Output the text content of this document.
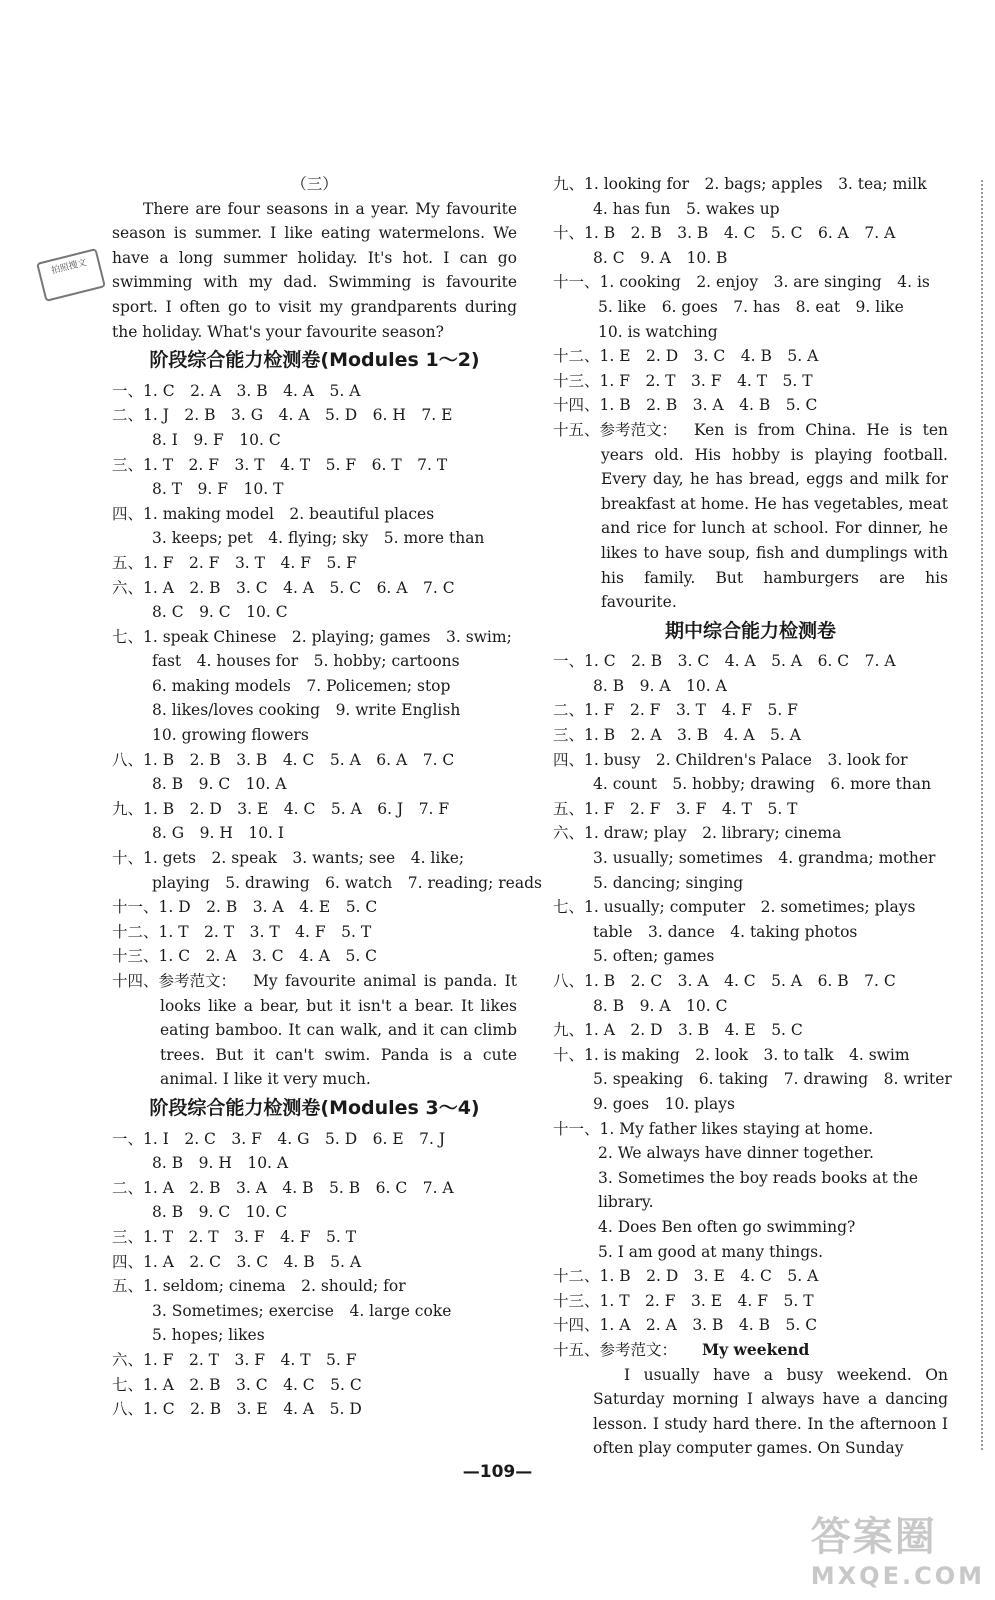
拍照搜文
（三）

There are four seasons in a year. My favourite season is summer. I like eating watermelons. We have a long summer holiday. It's hot. I can go swimming with my dad. Swimming is favourite sport. I often go to visit my grandparents during the holiday. What's your favourite season?

阶段综合能力检测卷(Modules 1～2)
一、1. C　2. A　3. B　4. A　5. A
二、1. J　2. B　3. G　4. A　5. D　6. H　7. E
8. I　9. F　10. C
三、1. T　2. F　3. T　4. T　5. F　6. T　7. T
8. T　9. F　10. T
四、1. making model　2. beautiful places
3. keeps; pet　4. flying; sky　5. more than
五、1. F　2. F　3. T　4. F　5. F
六、1. A　2. B　3. C　4. A　5. C　6. A　7. C
8. C　9. C　10. C
七、1. speak Chinese　2. playing; games　3. swim;
fast　4. houses for　5. hobby; cartoons
6. making models　7. Policemen; stop
8. likes/loves cooking　9. write English
10. growing flowers
八、1. B　2. B　3. B　4. C　5. A　6. A　7. C
8. B　9. C　10. A
九、1. B　2. D　3. E　4. C　5. A　6. J　7. F
8. G　9. H　10. I
十、1. gets　2. speak　3. wants; see　4. like;
playing　5. drawing　6. watch　7. reading; reads
十一、1. D　2. B　3. A　4. E　5. C
十二、1. T　2. T　3. T　4. F　5. T
十三、1. C　2. A　3. C　4. A　5. C
十四、参考范文：	My favourite animal is panda. It looks like a bear, but it isn't a bear. It likes eating bamboo. It can walk, and it can climb trees. But it can't swim. Panda is a cute animal. I like it very much.
阶段综合能力检测卷(Modules 3～4)
一、1. I　2. C　3. F　4. G　5. D　6. E　7. J
8. B　9. H　10. A
二、1. A　2. B　3. A　4. B　5. B　6. C　7. A
8. B　9. C　10. C
三、1. T　2. T　3. F　4. F　5. T
四、1. A　2. C　3. C　4. B　5. A
五、1. seldom; cinema　2. should; for
3. Sometimes; exercise　4. large coke
5. hopes; likes
六、1. F　2. T　3. F　4. T　5. F
七、1. A　2. B　3. C　4. C　5. C
八、1. C　2. B　3. E　4. A　5. D
九、1. looking for　2. bags; apples　3. tea; milk
4. has fun　5. wakes up
十、1. B　2. B　3. B　4. C　5. C　6. A　7. A
8. C　9. A　10. B
十一、1. cooking　2. enjoy　3. are singing　4. is
5. like　6. goes　7. has　8. eat　9. like
10. is watching
十二、1. E　2. D　3. C　4. B　5. A
十三、1. F　2. T　3. F　4. T　5. T
十四、1. B　2. B　3. A　4. B　5. C
十五、参考范文：	Ken is from China. He is ten years old. His hobby is playing football. Every day, he has bread, eggs and milk for breakfast at home. He has vegetables, meat and rice for lunch at school. For dinner, he likes to have soup, fish and dumplings with his family. But hamburgers are his favourite.
期中综合能力检测卷
一、1. C　2. B　3. C　4. A　5. A　6. C　7. A
8. B　9. A　10. A
二、1. F　2. F　3. T　4. F　5. F
三、1. B　2. A　3. B　4. A　5. A
四、1. busy　2. Children's Palace　3. look for
4. count　5. hobby; drawing　6. more than
五、1. F　2. F　3. F　4. T　5. T
六、1. draw; play　2. library; cinema
3. usually; sometimes　4. grandma; mother
5. dancing; singing
七、1. usually; computer　2. sometimes; plays
table　3. dance　4. taking photos
5. often; games
八、1. B　2. C　3. A　4. C　5. A　6. B　7. C
8. B　9. A　10. C
九、1. A　2. D　3. B　4. E　5. C
十、1. is making　2. look　3. to talk　4. swim
5. speaking　6. taking　7. drawing　8. writer
9. goes　10. plays
十一、1. My father likes staying at home.
2. We always have dinner together.
3. Sometimes the boy reads books at the
library.
4. Does Ben often go swimming?
5. I am good at many things.
十二、1. B　2. D　3. E　4. C　5. A
十三、1. T　2. F　3. E　4. F　5. T
十四、1. A　2. A　3. B　4. B　5. C
十五、参考范文： My weekend

I usually have a busy weekend. On Saturday morning I always have a dancing lesson. I study hard there. In the afternoon I often play computer games. On Sunday

—109—
答案圈
MXQE.COM
